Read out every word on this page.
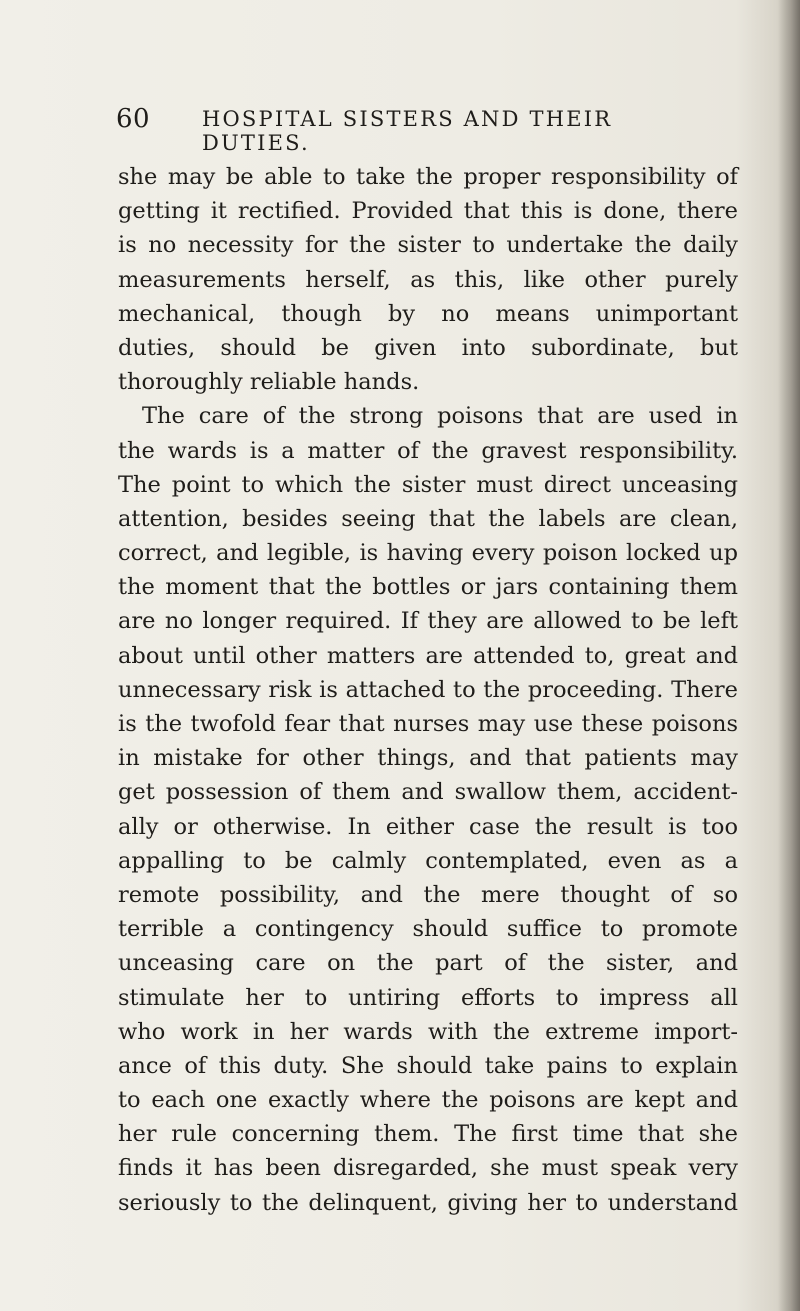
60 HOSPITAL SISTERS AND THEIR DUTIES.
she may be able to take the proper responsibility of
getting it rectified. Provided that this is done, there
is no necessity for the sister to undertake the daily
measurements herself, as this, like other purely
mechanical, though by no means unimportant
duties, should be given into subordinate, but
thoroughly reliable hands.
The care of the strong poisons that are used in
the wards is a matter of the gravest responsibility.
The point to which the sister must direct unceasing
attention, besides seeing that the labels are clean,
correct, and legible, is having every poison locked up
the moment that the bottles or jars containing them
are no longer required. If they are allowed to be left
about until other matters are attended to, great and
unnecessary risk is attached to the proceeding. There
is the twofold fear that nurses may use these poisons
in mistake for other things, and that patients may
get possession of them and swallow them, accident-
ally or otherwise. In either case the result is too
appalling to be calmly contemplated, even as a
remote possibility, and the mere thought of so
terrible a contingency should suffice to promote
unceasing care on the part of the sister, and
stimulate her to untiring efforts to impress all
who work in her wards with the extreme import-
ance of this duty. She should take pains to explain
to each one exactly where the poisons are kept and
her rule concerning them. The first time that she
finds it has been disregarded, she must speak very
seriously to the delinquent, giving her to understand
